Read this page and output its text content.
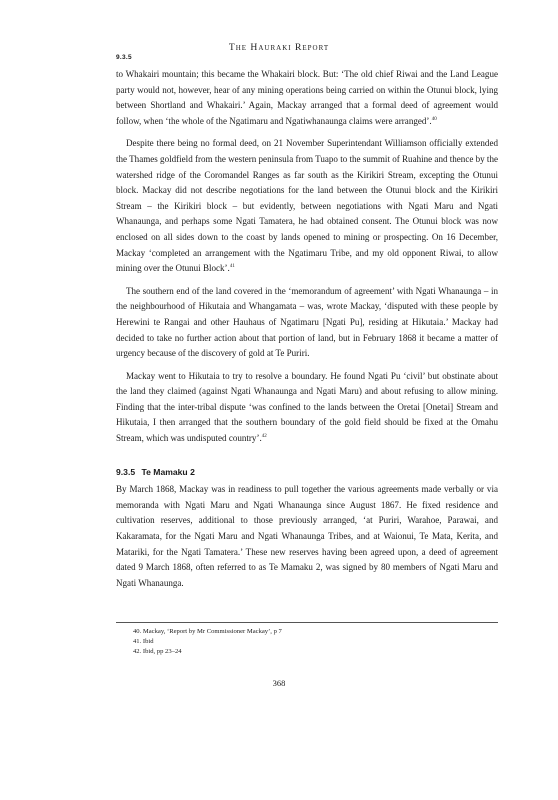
9.3.5
The Hauraki Report

to Whakairi mountain; this became the Whakairi block. But: ‘The old chief Riwai and the Land League party would not, however, hear of any mining operations being carried on within the Otunui block, lying between Shortland and Whakairi.’ Again, Mackay arranged that a formal deed of agreement would follow, when ‘the whole of the Ngatimaru and Ngatiwhanaunga claims were arranged’.$^{40}$

Despite there being no formal deed, on 21 November Superintendant Williamson officially extended the Thames goldfield from the western peninsula from Tuapo to the summit of Ruahine and thence by the watershed ridge of the Coromandel Ranges as far south as the Kirikiri Stream, excepting the Otunui block. Mackay did not describe negotiations for the land between the Otunui block and the Kirikiri Stream – the Kirikiri block – but evidently, between negotiations with Ngati Maru and Ngati Whanaunga, and perhaps some Ngati Tamatera, he had obtained consent. The Otunui block was now enclosed on all sides down to the coast by lands opened to mining or prospecting. On 16 December, Mackay ‘completed an arrangement with the Ngatimaru Tribe, and my old opponent Riwai, to allow mining over the Otunui Block’.$^{41}$

The southern end of the land covered in the ‘memorandum of agreement’ with Ngati Whanaunga – in the neighbourhood of Hikutaia and Whangamata – was, wrote Mackay, ‘disputed with these people by Herewini te Rangai and other Hauhaus of Ngatimaru [Ngati Pu], residing at Hikutaia.’ Mackay had decided to take no further action about that portion of land, but in February 1868 it became a matter of urgency because of the discovery of gold at Te Puriri.

Mackay went to Hikutaia to try to resolve a boundary. He found Ngati Pu ‘civil’ but obstinate about the land they claimed (against Ngati Whanaunga and Ngati Maru) and about refusing to allow mining. Finding that the inter-tribal dispute ‘was confined to the lands between the Oretai [Onetai] Stream and Hikutaia, I then arranged that the southern boundary of the gold field should be fixed at the Omahu Stream, which was undisputed country’.$^{42}$

9.3.5 Te Mamaku 2

By March 1868, Mackay was in readiness to pull together the various agreements made verbally or via memoranda with Ngati Maru and Ngati Whanaunga since August 1867. He fixed residence and cultivation reserves, additional to those previously arranged, ‘at Puriri, Warahoe, Parawai, and Kakaramata, for the Ngati Maru and Ngati Whanaunga Tribes, and at Waionui, Te Mata, Kerita, and Matariki, for the Ngati Tamatera.’ These new reserves having been agreed upon, a deed of agreement dated 9 March 1868, often referred to as Te Mamaku 2, was signed by 80 members of Ngati Maru and Ngati Whanaunga.

40. Mackay, ‘Report by Mr Commissioner Mackay’, p 7
41. Ibid
42. Ibid, pp 23–24
368
